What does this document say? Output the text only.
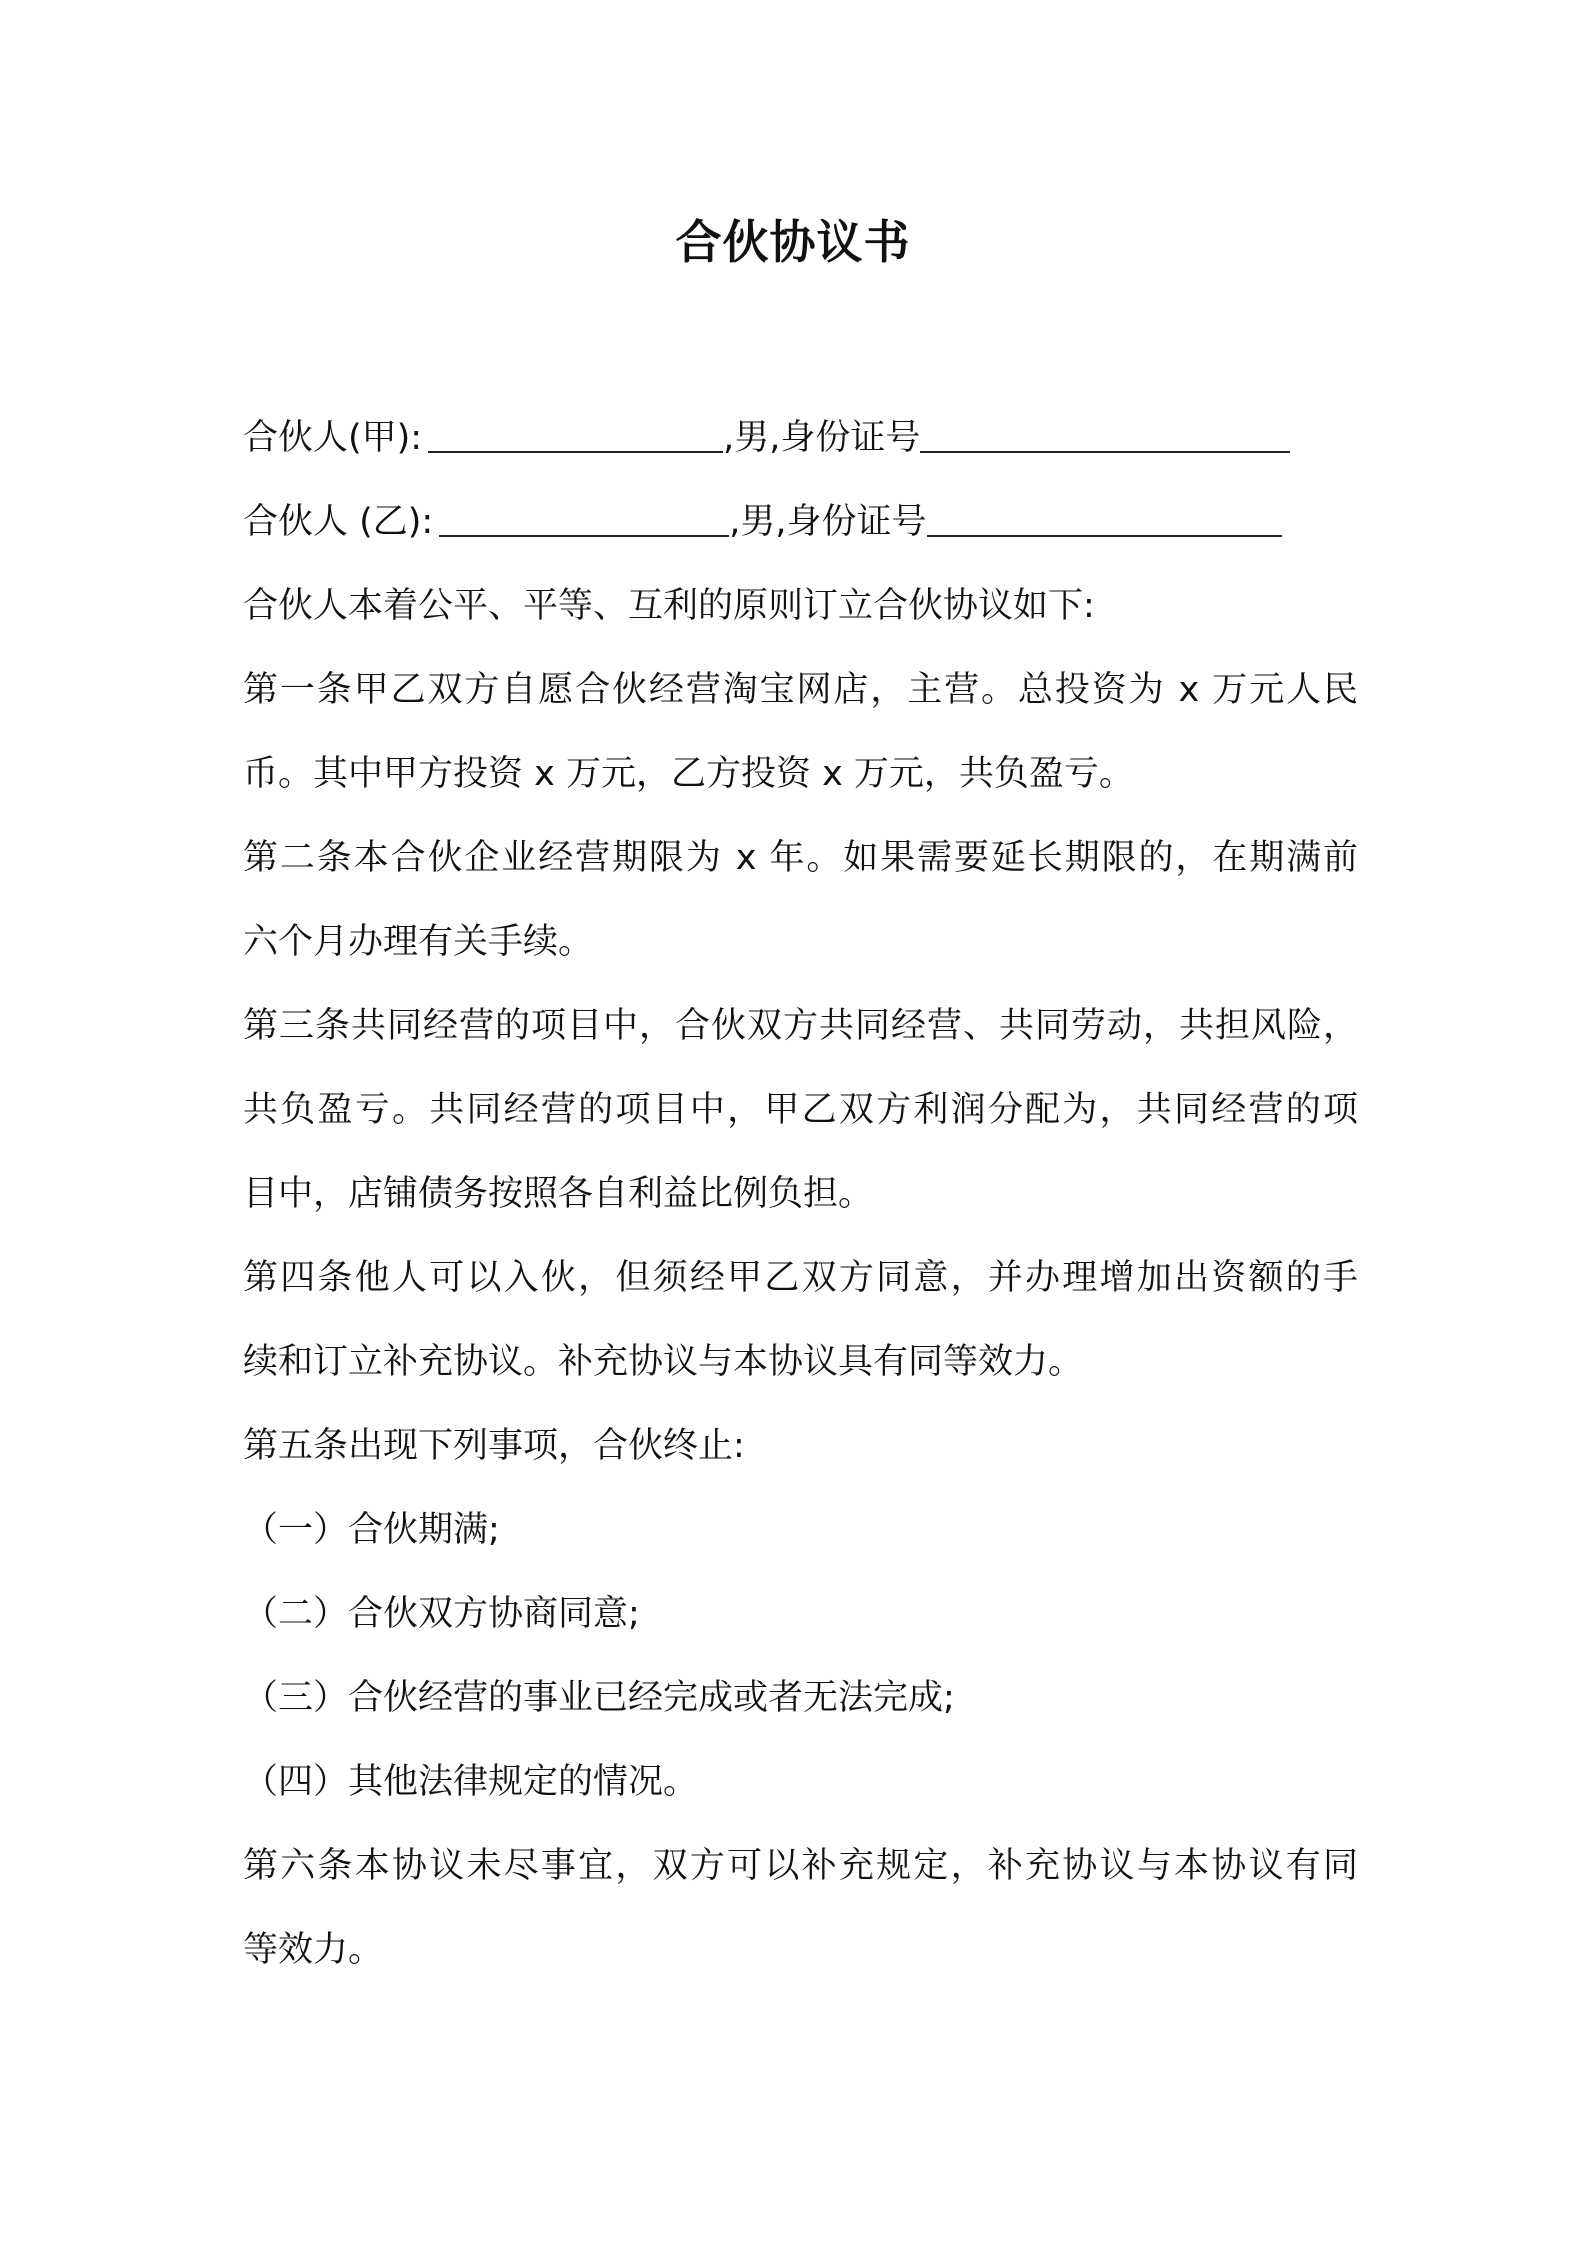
合伙协议书
合伙人(甲):	,男,身份证号
合伙人 (乙):	,男,身份证号
合伙人本着公平、平等、互利的原则订立合伙协议如下:
第一条甲乙双方自愿合伙经营淘宝网店，主营。总投资为 x 万元人民
币。其中甲方投资 x 万元，乙方投资 x 万元，共负盈亏。
第二条本合伙企业经营期限为 x 年。如果需要延长期限的，在期满前
六个月办理有关手续。
第三条共同经营的项目中，合伙双方共同经营、共同劳动，共担风险，
共负盈亏。共同经营的项目中，甲乙双方利润分配为，共同经营的项
目中，店铺债务按照各自利益比例负担。
第四条他人可以入伙，但须经甲乙双方同意，并办理增加出资额的手
续和订立补充协议。补充协议与本协议具有同等效力。
第五条出现下列事项，合伙终止:
（一）合伙期满;
（二）合伙双方协商同意;
（三）合伙经营的事业已经完成或者无法完成;
（四）其他法律规定的情况。
第六条本协议未尽事宜，双方可以补充规定，补充协议与本协议有同
等效力。
